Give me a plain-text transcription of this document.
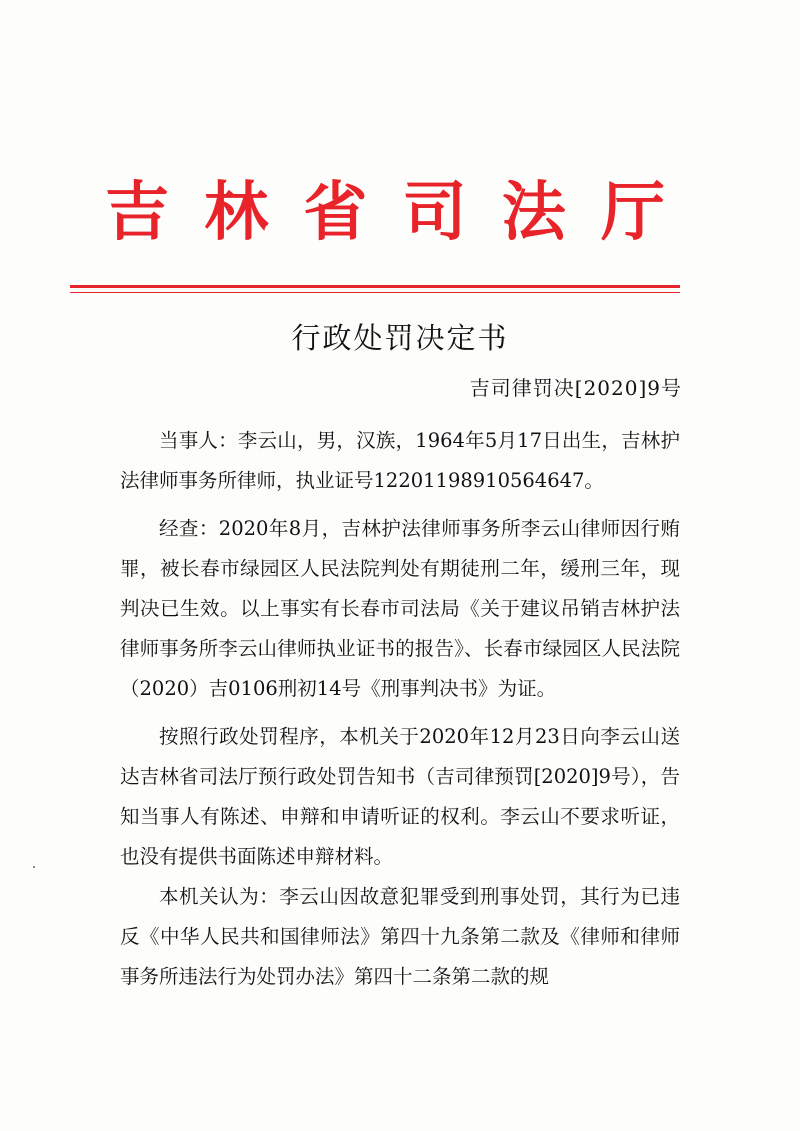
吉 林 省 司 法 厅
行政处罚决定书
吉司律罚决[2020]9号

当事人：李云山，男，汉族，1964年5月17日出生，吉林护法律师事务所律师，执业证号12201198910564647。

经查：2020年8月，吉林护法律师事务所李云山律师因行贿罪，被长春市绿园区人民法院判处有期徒刑二年，缓刑三年，现判决已生效。以上事实有长春市司法局《关于建议吊销吉林护法律师事务所李云山律师执业证书的报告》、长春市绿园区人民法院（2020）吉0106刑初14号《刑事判决书》为证。

按照行政处罚程序，本机关于2020年12月23日向李云山送达吉林省司法厅预行政处罚告知书（吉司律预罚[2020]9号），告知当事人有陈述、申辩和申请听证的权利。李云山不要求听证，也没有提供书面陈述申辩材料。

本机关认为：李云山因故意犯罪受到刑事处罚，其行为已违反《中华人民共和国律师法》第四十九条第二款及《律师和律师事务所违法行为处罚办法》第四十二条第二款的规
